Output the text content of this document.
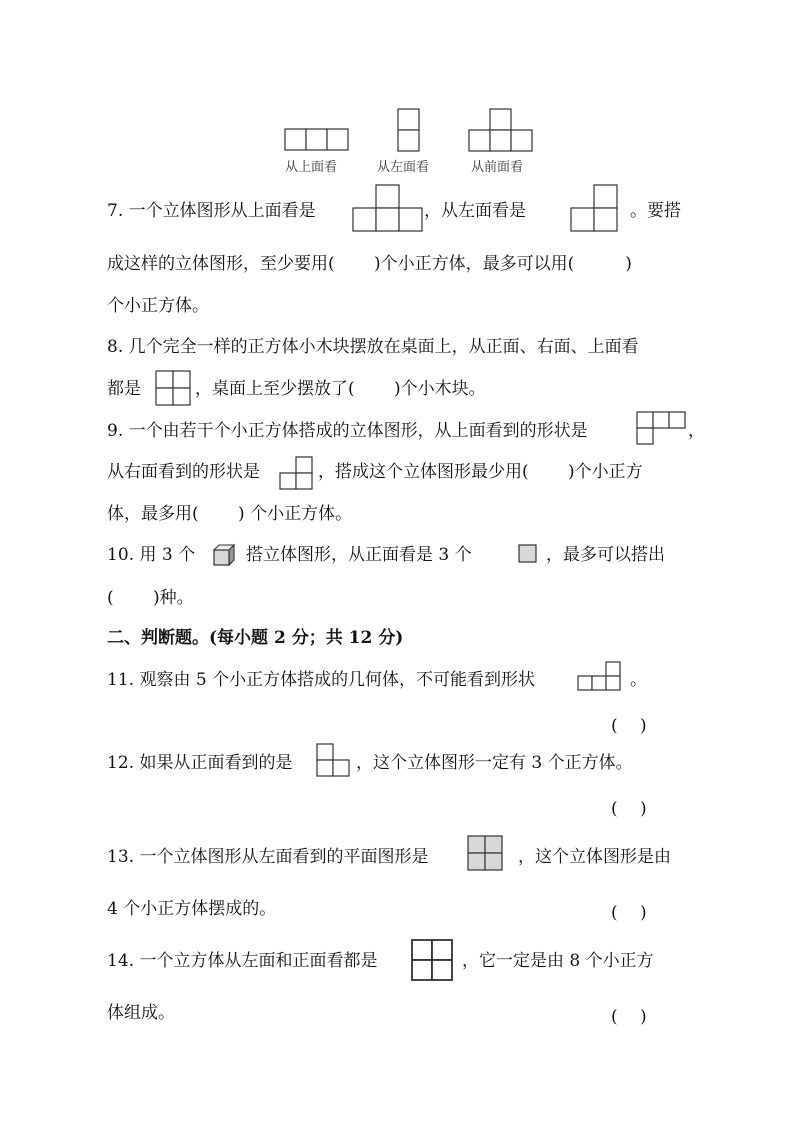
从上面看	从左面看	从前面看
7. 一个立体图形从上面看是	，从左面看是	。要搭
成这样的立体图形，至少要用(　　 )个小正方体，最多可以用(　　　)
个小正方体。
8. 几个完全一样的正方体小木块摆放在桌面上，从正面、右面、上面看
都是	，桌面上至少摆放了(　　 )个小木块。
9. 一个由若干个小正方体搭成的立体图形，从上面看到的形状是	，
从右面看到的形状是	，搭成这个立体图形最少用(　　 )个小正方
体，最多用(　　 ) 个小正方体。
10. 用 3 个	搭立体图形，从正面看是 3 个	，最多可以搭出
(　　 )种。
二、判断题。(每小题 2 分；共 12 分)
11. 观察由 5 个小正方体搭成的几何体，不可能看到形状	。
(　 )
12. 如果从正面看到的是	，这个立体图形一定有 3 个正方体。
(　 )
13. 一个立体图形从左面看到的平面图形是	，这个立体图形是由
4 个小正方体摆成的。	(　 )
14. 一个立方体从左面和正面看都是	，它一定是由 8 个小正方
体组成。	(　 )
